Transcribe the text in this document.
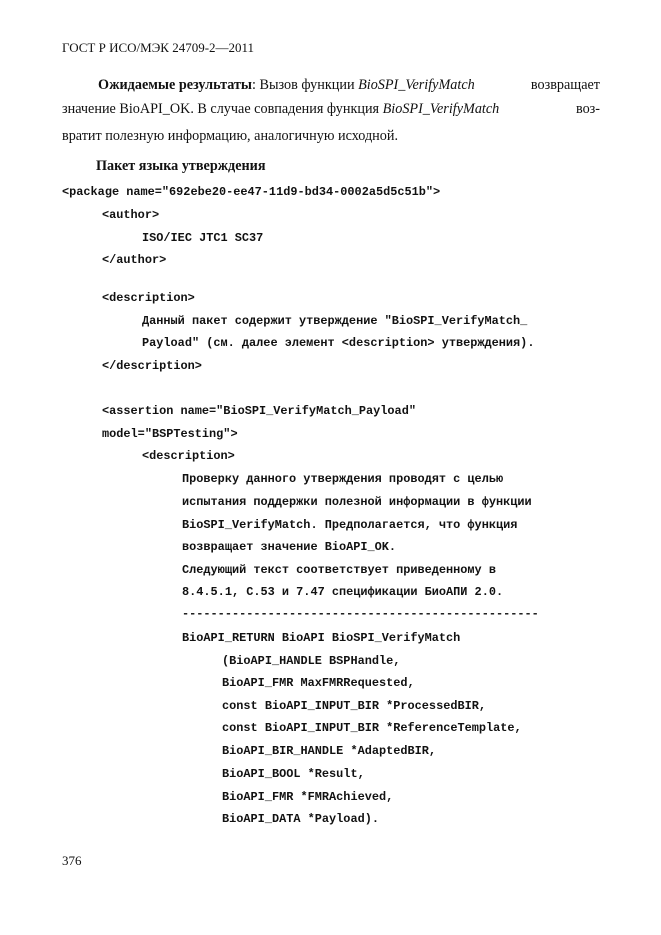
ГОСТ Р ИСО/МЭК 24709-2—2011
Ожидаемые результаты: Вызов функции BioSPI_VerifyMatch	возвращает
значение BioAPI_OK. В случае совпадения функция BioSPI_VerifyMatch	воз-
вратит полезную информацию, аналогичную исходной.
Пакет языка утверждения
<package name="692ebe20-ee47-11d9-bd34-0002a5d5c51b">
<author>
ISO/IEC JTC1 SC37
</author>
<description>
Данный пакет содержит утверждение "BioSPI_VerifyMatch_
Payload" (см. далее элемент <description> утверждения).
</description>
<assertion name="BioSPI_VerifyMatch_Payload"
model="BSPTesting">
<description>
Проверку данного утверждения проводят с целью
испытания поддержки полезной информации в функции
BioSPI_VerifyMatch. Предполагается, что функция
возвращает значение BioAPI_OK.
Следующий текст соответствует приведенному в
8.4.5.1, С.53 и 7.47 спецификации БиоАПИ 2.0.
--------------------------------------------------
BioAPI_RETURN BioAPI BioSPI_VerifyMatch
(BioAPI_HANDLE BSPHandle,
BioAPI_FMR MaxFMRRequested,
const BioAPI_INPUT_BIR *ProcessedBIR,
const BioAPI_INPUT_BIR *ReferenceTemplate,
BioAPI_BIR_HANDLE *AdaptedBIR,
BioAPI_BOOL *Result,
BioAPI_FMR *FMRAchieved,
BioAPI_DATA *Payload).
376
